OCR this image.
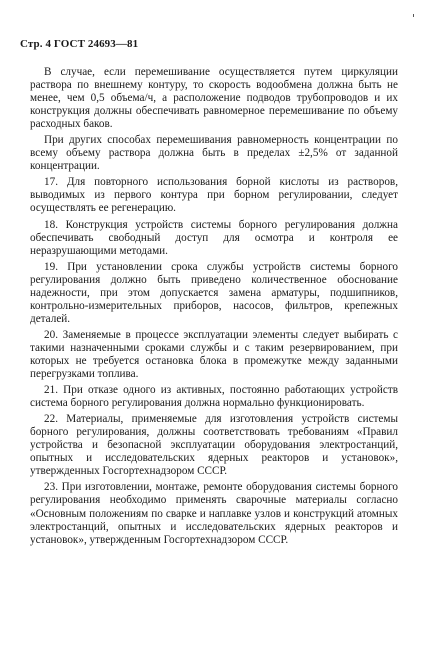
Стр. 4 ГОСТ 24693—81

В случае, если перемешивание осуществляется путем циркуляции раствора по внешнему контуру, то скорость водообмена должна быть не менее, чем 0,5 объема/ч, а расположение подводов трубопроводов и их конструкция должны обеспечивать равномерное перемешивание по объему расходных баков.

При других способах перемешивания равномерность концентрации по всему объему раствора должна быть в пределах ±2,5% от заданной концентрации.

17. Для повторного использования борной кислоты из растворов, выводимых из первого контура при борном регулировании, следует осуществлять ее регенерацию.

18. Конструкция устройств системы борного регулирования должна обеспечивать свободный доступ для осмотра и контроля ее неразрушающими методами.

19. При установлении срока службы устройств системы борного регулирования должно быть приведено количественное обоснование надежности, при этом допускается замена арматуры, подшипников, контрольно-измерительных приборов, насосов, фильтров, крепежных деталей.

20. Заменяемые в процессе эксплуатации элементы следует выбирать с такими назначенными сроками службы и с таким резервированием, при которых не требуется остановка блока в промежутке между заданными перегрузками топлива.

21. При отказе одного из активных, постоянно работающих устройств система борного регулирования должна нормально функционировать.

22. Материалы, применяемые для изготовления устройств системы борного регулирования, должны соответствовать требованиям «Правил устройства и безопасной эксплуатации оборудования электростанций, опытных и исследовательских ядерных реакторов и установок», утвержденных Госгортехнадзором СССР.

23. При изготовлении, монтаже, ремонте оборудования системы борного регулирования необходимо применять сварочные материалы согласно «Основным положениям по сварке и наплавке узлов и конструкций атомных электростанций, опытных и исследовательских ядерных реакторов и установок», утвержденным Госгортехнадзором СССР.
